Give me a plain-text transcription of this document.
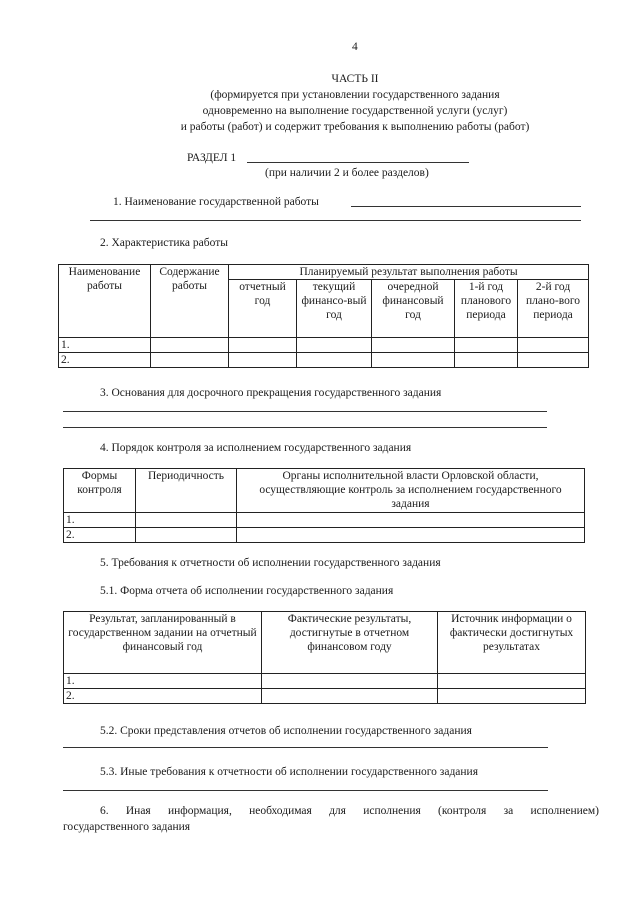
4
ЧАСТЬ II
(формируется при установлении государственного задания
одновременно на выполнение государственной услуги (услуг)
и работы (работ) и содержит требования к выполнению работы (работ)
РАЗДЕЛ 1
(при наличии 2 и более разделов)
1. Наименование государственной работы
2. Характеристика работы
Наименование работы	Содержание работы	Планируемый результат выполнения работы				
		отчетный год	текущий финансо-вый год	очередной финансовый год	1-й год планового периода	2-й год плано-вого периода
1.						
2.						
3. Основания для досрочного прекращения государственного задания
4. Порядок контроля за исполнением государственного задания
Формы контроля	Периодичность	Органы исполнительной власти Орловской области, осуществляющие контроль за исполнением государственного задания
1.		
2.		
5. Требования к отчетности об исполнении государственного задания
5.1. Форма отчета об исполнении государственного задания
Результат, запланированный в государственном задании на отчетный финансовый год	Фактические результаты, достигнутые в отчетном финансовом году	Источник информации о фактически достигнутых результатах
1.		
2.		
5.2. Сроки представления отчетов об исполнении государственного задания
5.3. Иные требования к отчетности об исполнении государственного задания
6. Иная информация, необходимая для исполнения (контроля за исполнением)
государственного задания
